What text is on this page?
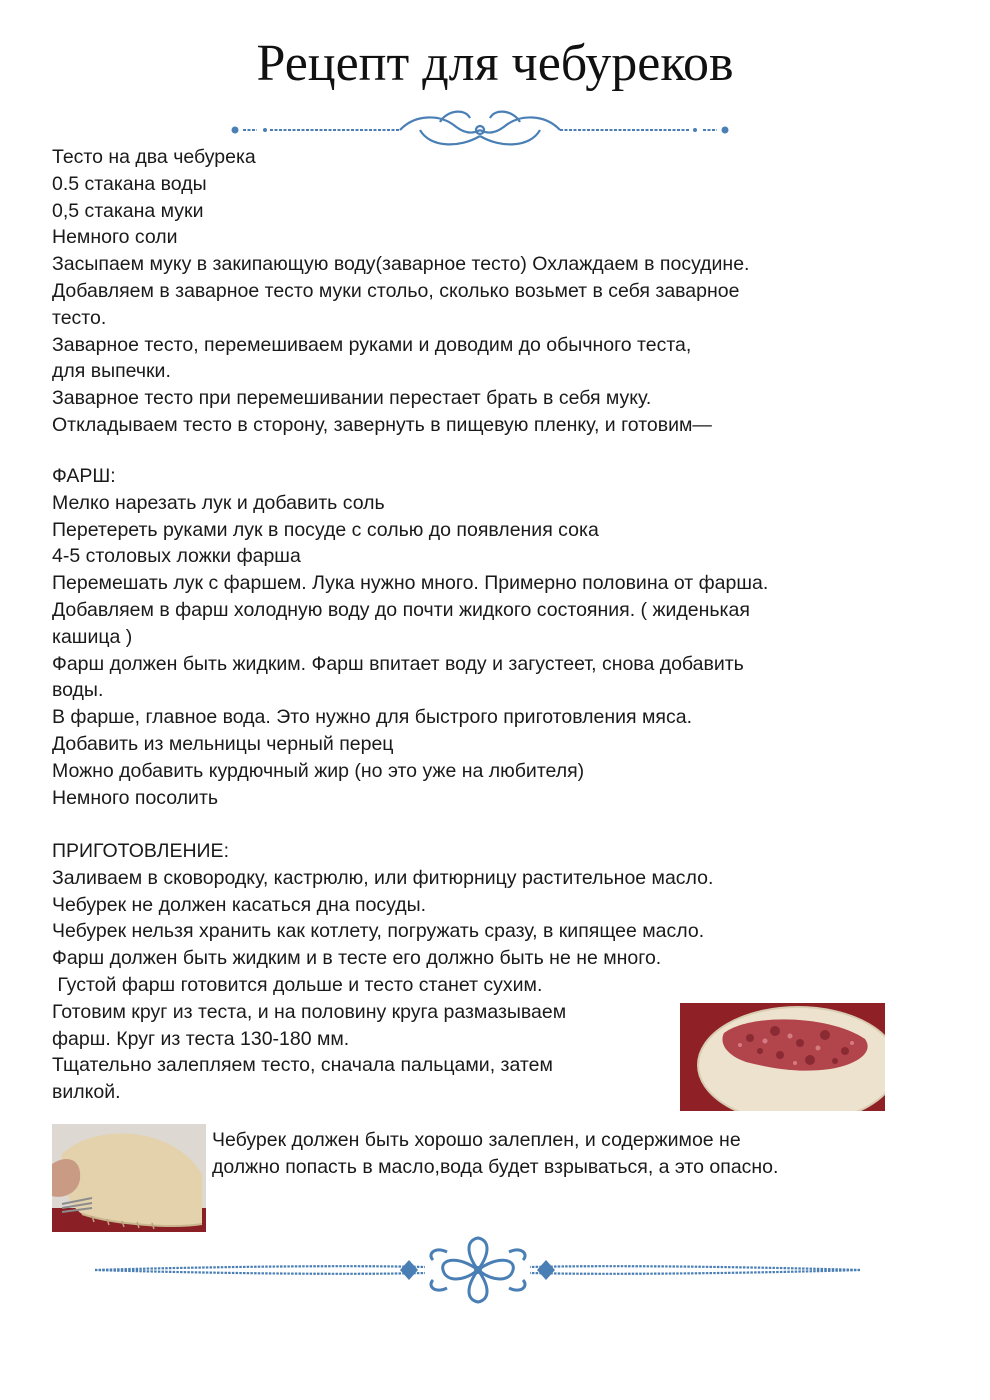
Рецепт для чебуреков
Тесто на два чебурека
0.5 стакана воды
0,5 стакана муки
Немного соли
Засыпаем муку в закипающую воду(заварное тесто) Охлаждаем в посудине.
Добавляем в заварное тесто муки стольо, сколько возьмет в себя заварное
тесто.
Заварное тесто, перемешиваем руками и доводим до обычного теста,
для выпечки.
Заварное тесто при перемешивании перестает брать в себя муку.
Откладываем тесто в сторону, завернуть в пищевую пленку, и готовим—
ФАРШ:
Мелко нарезать лук и добавить соль
Перетереть руками лук в посуде с солью до появления сока
4-5 столовых ложки фарша
Перемешать лук с фаршем. Лука нужно много. Примерно половина от фарша.
Добавляем в фарш холодную воду до почти жидкого состояния. ( жиденькая
кашица )
Фарш должен быть жидким. Фарш впитает воду и загустеет, снова добавить
воды.
В фарше, главное вода. Это нужно для быстрого приготовления мяса.
Добавить из мельницы черный перец
Можно добавить курдючный жир (но это уже на любителя)
Немного посолить
ПРИГОТОВЛЕНИЕ:
Заливаем в сковородку, кастрюлю, или фитюрницу растительное масло.
Чебурек не должен касаться дна посуды.
Чебурек нельзя хранить как котлету, погружать сразу, в кипящее масло.
Фарш должен быть жидким и в тесте его должно быть не не много.
Густой фарш готовится дольше и тесто станет сухим.
Готовим круг из теста, и на половину круга размазываем
фарш. Круг из теста 130-180 мм.
Тщательно залепляем тесто, сначала пальцами, затем
вилкой.
Чебурек должен быть хорошо залеплен, и содержимое не
должно попасть в масло,вода будет взрываться, а это опасно.
